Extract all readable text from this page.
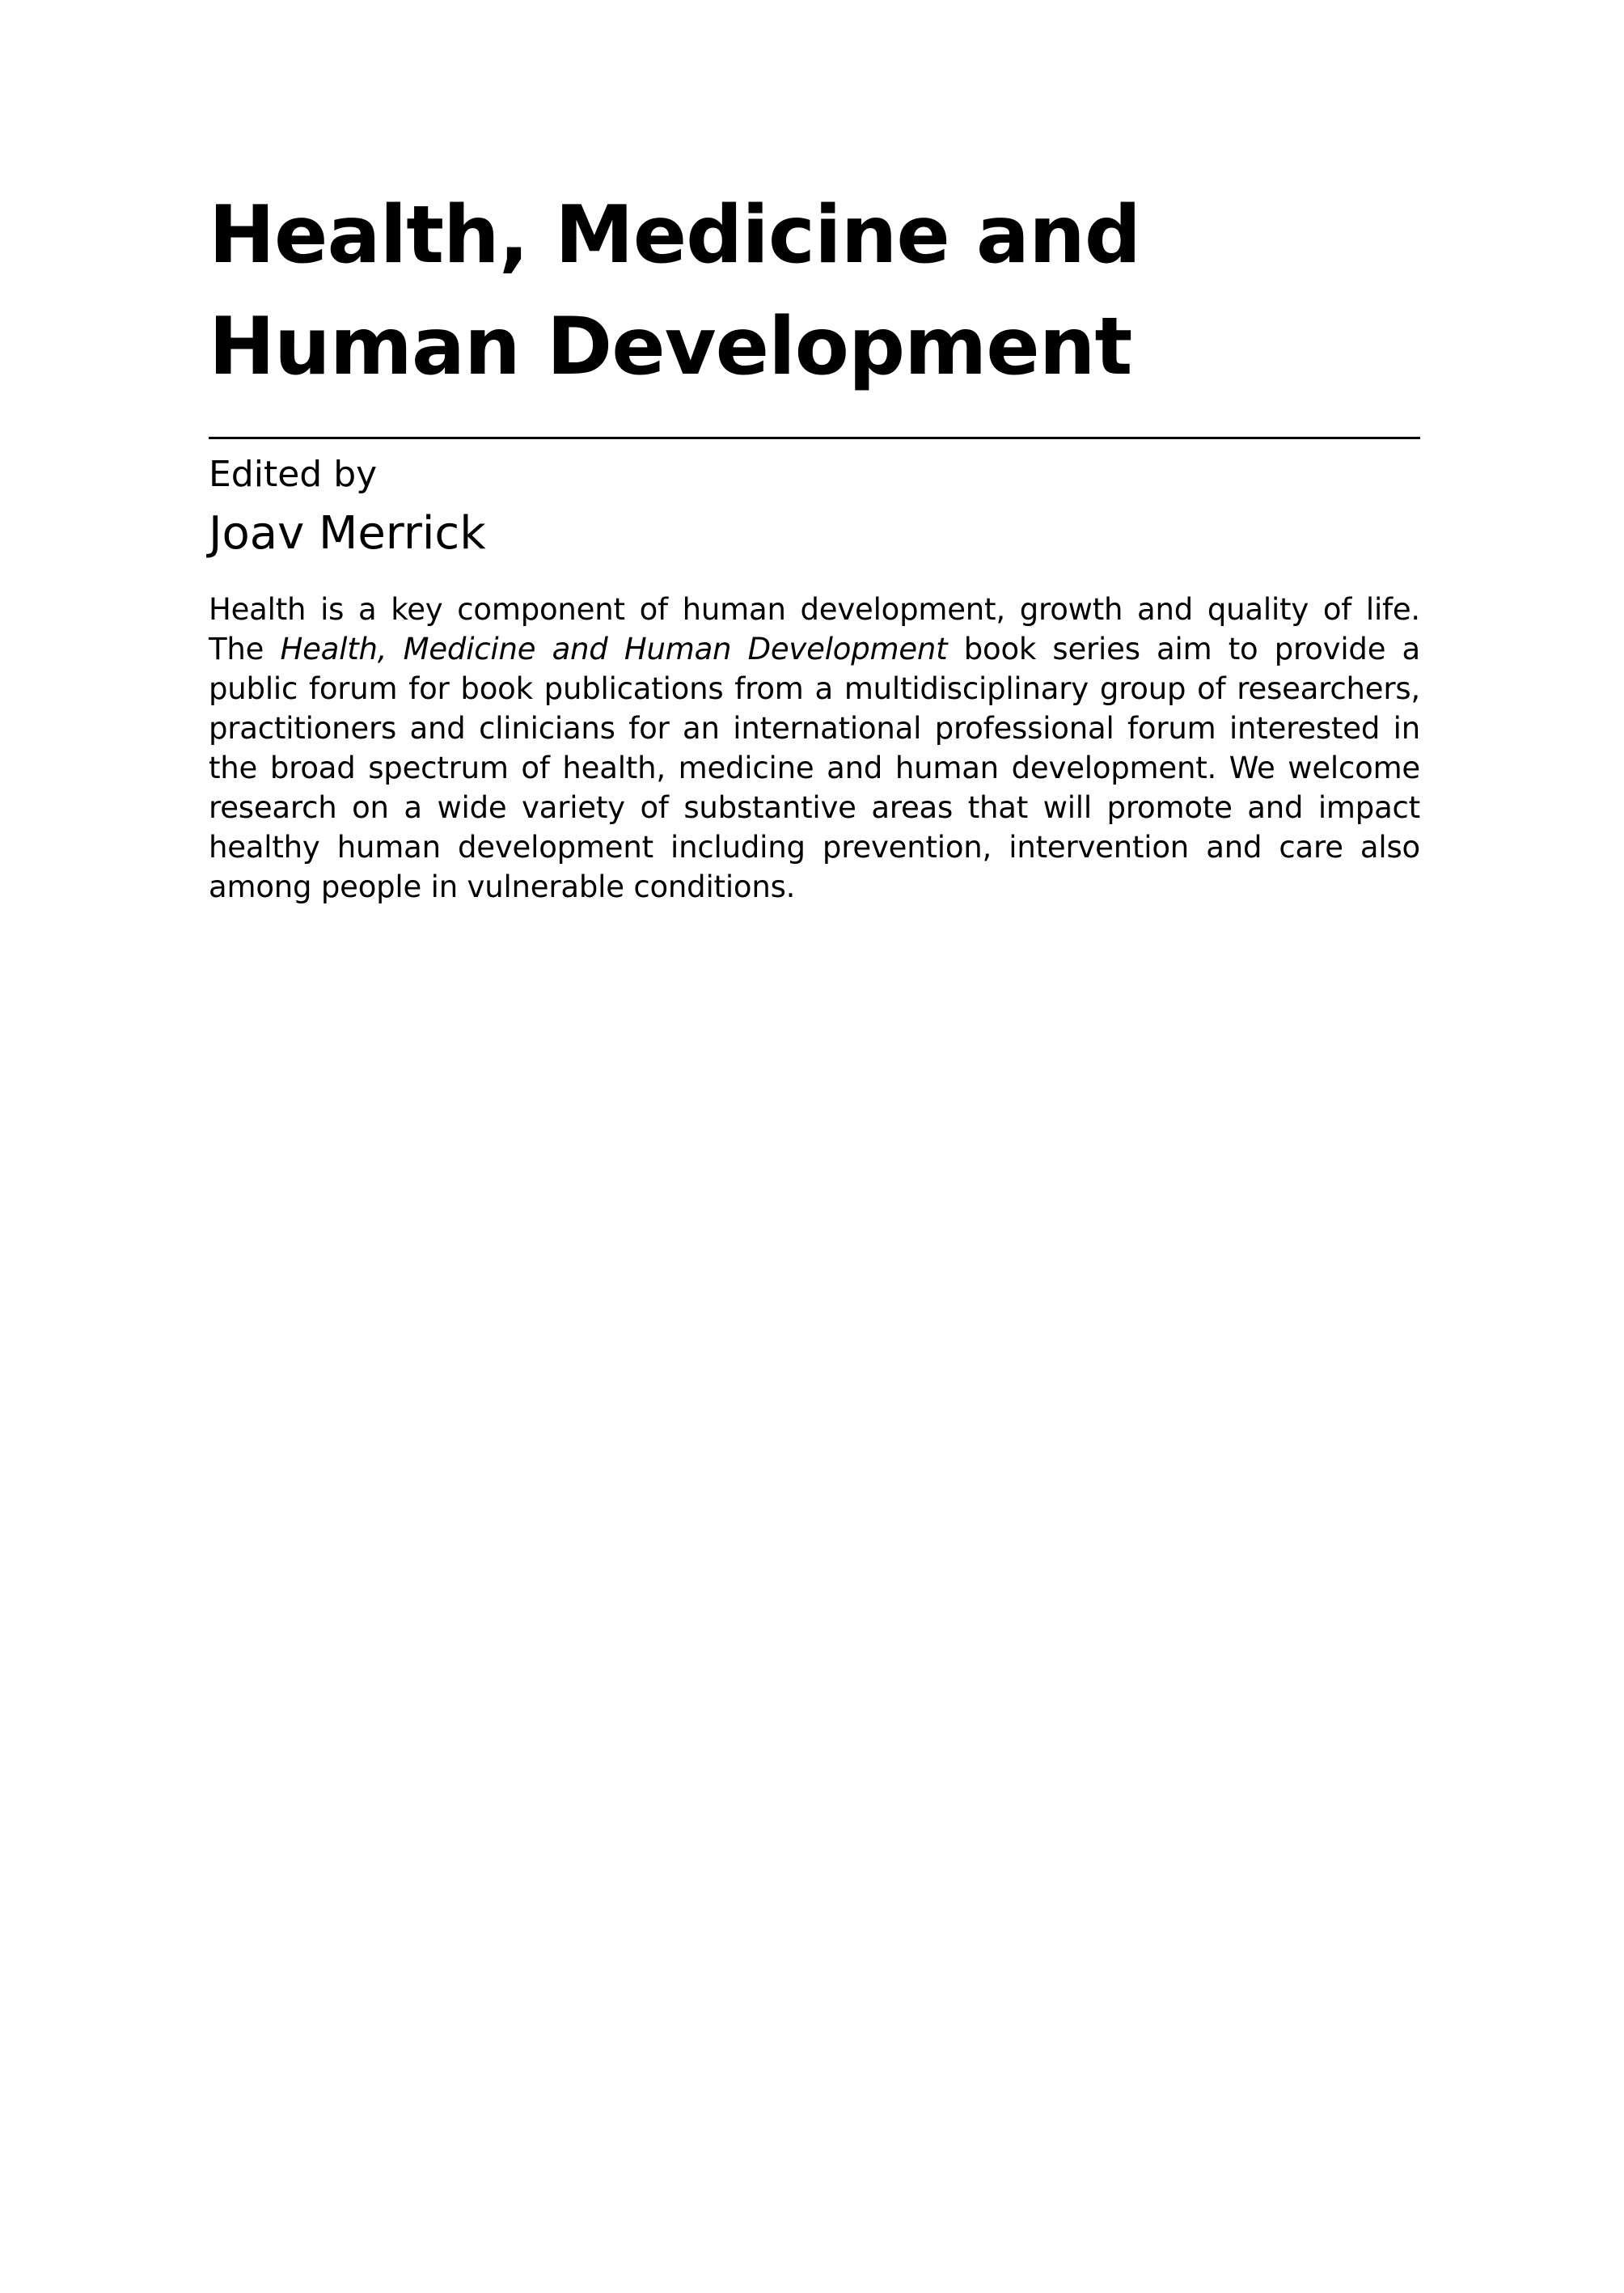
Health, Medicine and
Human Development
Edited by
Joav Merrick

Health is a key component of human development, growth and quality of life. The Health, Medicine and Human Development book series aim to provide a public forum for book publications from a multidisciplinary group of researchers, practitioners and clinicians for an international professional forum interested in the broad spectrum of health, medicine and human development. We welcome research on a wide variety of substantive areas that will promote and impact healthy human development including prevention, intervention and care also among people in vulnerable conditions.
